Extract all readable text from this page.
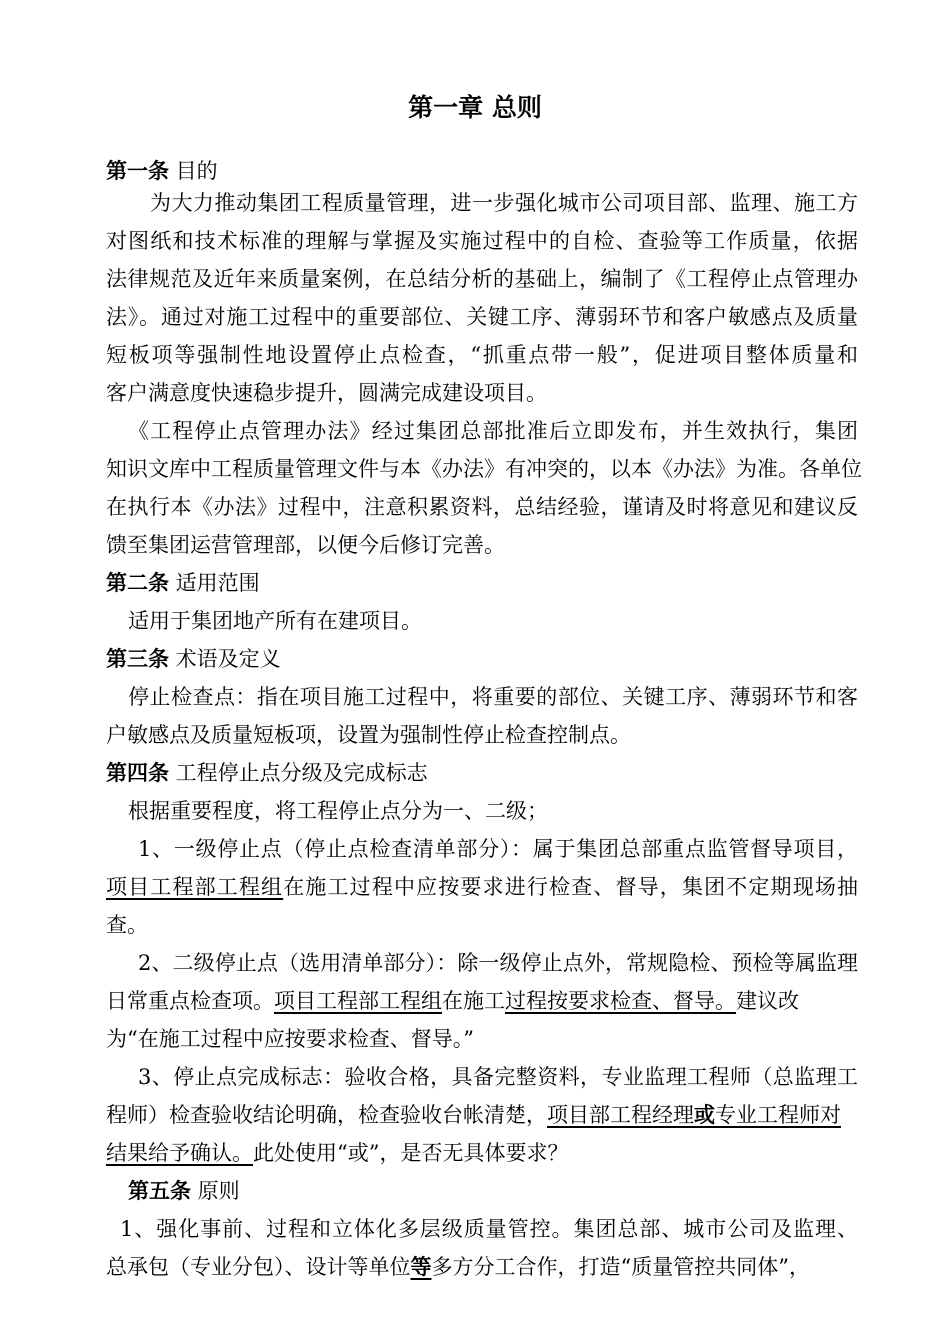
第一章 总则
第一条 目的
为大力推动集团工程质量管理，进一步强化城市公司项目部、监理、施工方
对图纸和技术标准的理解与掌握及实施过程中的自检、查验等工作质量，依据
法律规范及近年来质量案例，在总结分析的基础上，编制了《工程停止点管理办
法》。通过对施工过程中的重要部位、关键工序、薄弱环节和客户敏感点及质量
短板项等强制性地设置停止点检查，“抓重点带一般”，促进项目整体质量和
客户满意度快速稳步提升，圆满完成建设项目。
《工程停止点管理办法》经过集团总部批准后立即发布，并生效执行，集团
知识文库中工程质量管理文件与本《办法》有冲突的，以本《办法》为准。各单位
在执行本《办法》过程中，注意积累资料，总结经验，谨请及时将意见和建议反
馈至集团运营管理部，以便今后修订完善。
第二条 适用范围
适用于集团地产所有在建项目。
第三条 术语及定义
停止检查点：指在项目施工过程中，将重要的部位、关键工序、薄弱环节和客
户敏感点及质量短板项，设置为强制性停止检查控制点。
第四条 工程停止点分级及完成标志
根据重要程度，将工程停止点分为一、二级；
1、一级停止点（停止点检查清单部分）：属于集团总部重点监管督导项目，
项目工程部工程组在施工过程中应按要求进行检查、督导，集团不定期现场抽
查。
2、二级停止点（选用清单部分）：除一级停止点外，常规隐检、预检等属监理
日常重点检查项。项目工程部工程组在施工过程按要求检查、督导。建议改
为“在施工过程中应按要求检查、督导。”
3、停止点完成标志：验收合格，具备完整资料，专业监理工程师（总监理工
程师）检查验收结论明确，检查验收台帐清楚，项目部工程经理或专业工程师对
结果给予确认。此处使用“或”，是否无具体要求？
第五条 原则
1、强化事前、过程和立体化多层级质量管控。集团总部、城市公司及监理、
总承包（专业分包）、设计等单位等多方分工合作，打造“质量管控共同体”，
